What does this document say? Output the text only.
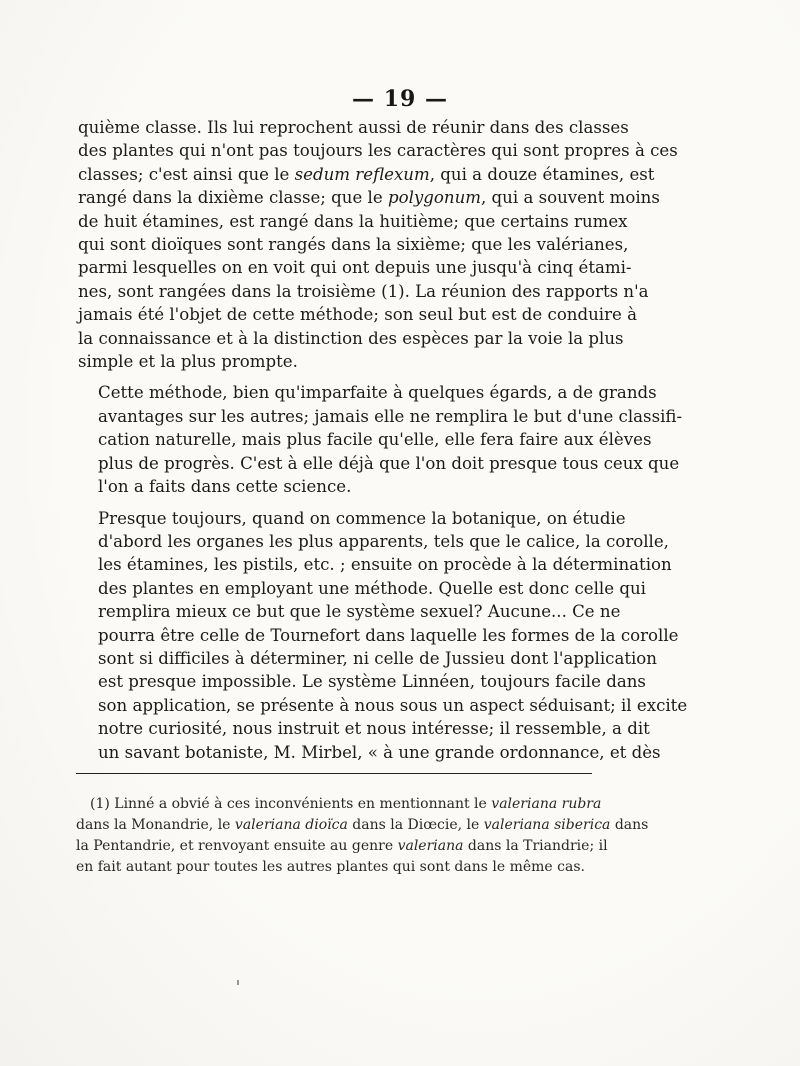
— 19 —

quième classe. Ils lui reprochent aussi de réunir dans des classes
des plantes qui n'ont pas toujours les caractères qui sont propres à ces
classes; c'est ainsi que le sedum reflexum, qui a douze étamines, est
rangé dans la dixième classe; que le polygonum, qui a souvent moins
de huit étamines, est rangé dans la huitième; que certains rumex
qui sont dioïques sont rangés dans la sixième; que les valérianes,
parmi lesquelles on en voit qui ont depuis une jusqu'à cinq étami-
nes, sont rangées dans la troisième (1). La réunion des rapports n'a
jamais été l'objet de cette méthode; son seul but est de conduire à
la connaissance et à la distinction des espèces par la voie la plus
simple et la plus prompte.

Cette méthode, bien qu'imparfaite à quelques égards, a de grands
avantages sur les autres; jamais elle ne remplira le but d'une classifi-
cation naturelle, mais plus facile qu'elle, elle fera faire aux élèves
plus de progrès. C'est à elle déjà que l'on doit presque tous ceux que
l'on a faits dans cette science.

Presque toujours, quand on commence la botanique, on étudie
d'abord les organes les plus apparents, tels que le calice, la corolle,
les étamines, les pistils, etc. ; ensuite on procède à la détermination
des plantes en employant une méthode. Quelle est donc celle qui
remplira mieux ce but que le système sexuel? Aucune... Ce ne
pourra être celle de Tournefort dans laquelle les formes de la corolle
sont si difficiles à déterminer, ni celle de Jussieu dont l'application
est presque impossible. Le système Linnéen, toujours facile dans
son application, se présente à nous sous un aspect séduisant; il excite
notre curiosité, nous instruit et nous intéresse; il ressemble, a dit
un savant botaniste, M. Mirbel, « à une grande ordonnance, et dès

(1) Linné a obvié à ces inconvénients en mentionnant le valeriana rubra
dans la Monandrie, le valeriana dioïca dans la Diœcie, le valeriana siberica dans
la Pentandrie, et renvoyant ensuite au genre valeriana dans la Triandrie; il
en fait autant pour toutes les autres plantes qui sont dans le même cas.
